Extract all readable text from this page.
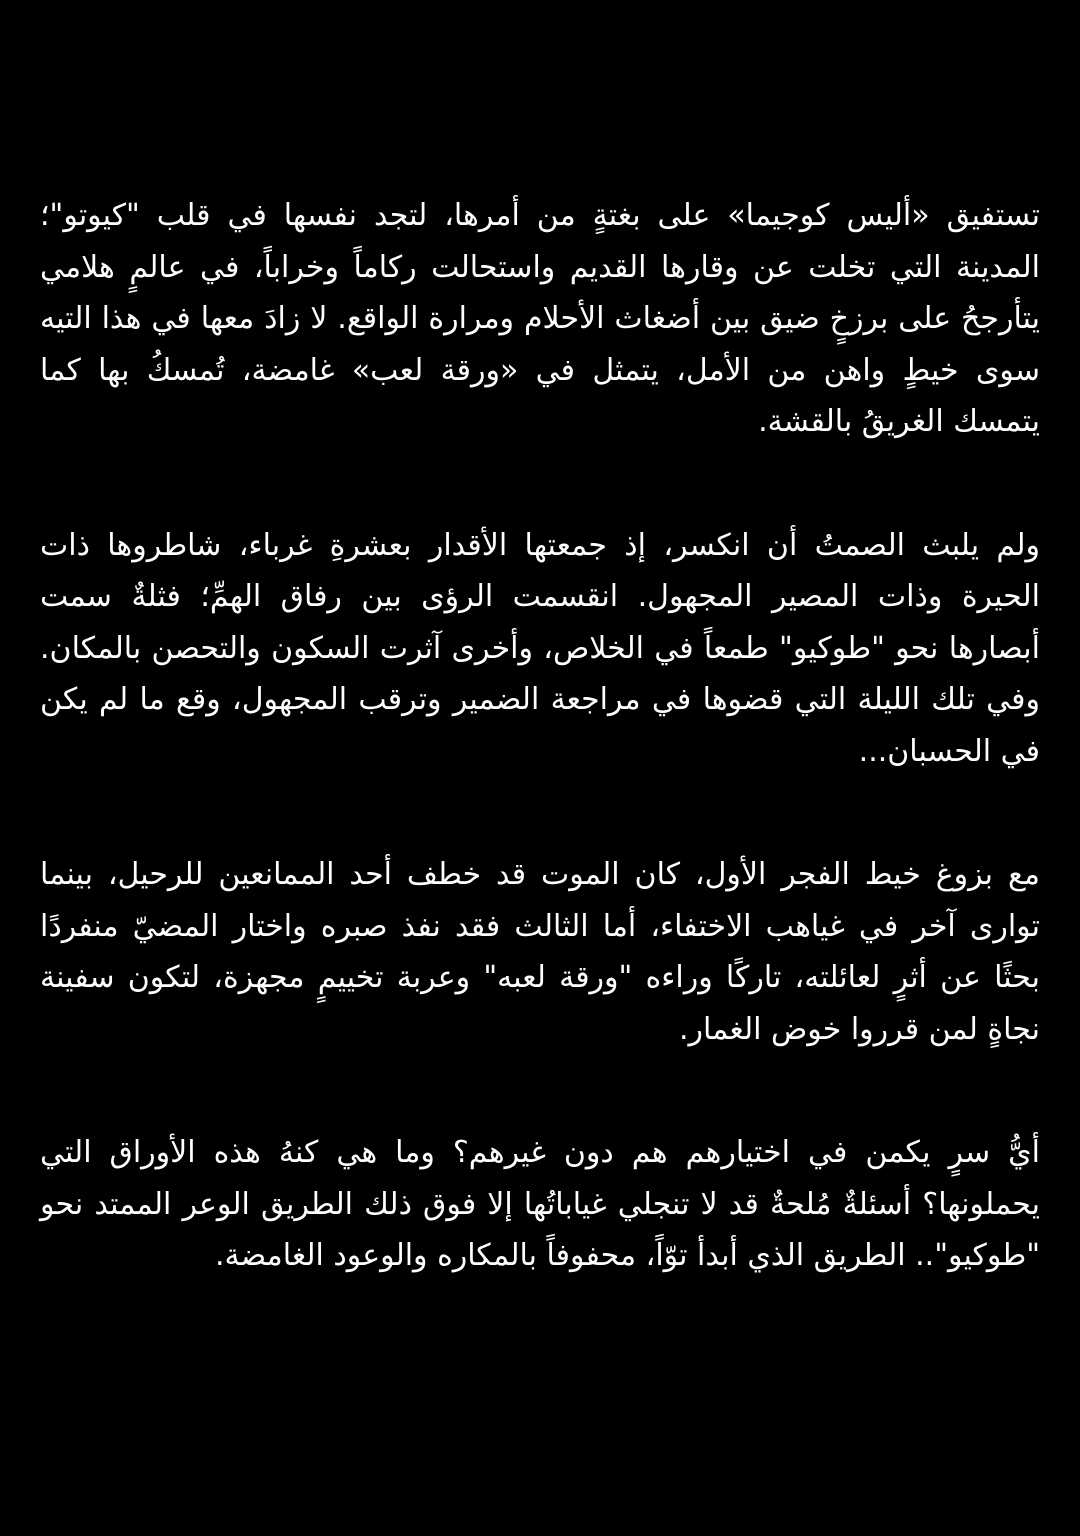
تستفيق «أليس كوجيما» على بغتةٍ من أمرها، لتجد نفسها في قلب "كيوتو"؛ المدينة التي تخلت عن وقارها القديم واستحالت ركاماً وخراباً، في عالمٍ هلامي يتأرجحُ على برزخٍ ضيق بين أضغاث الأحلام ومرارة الواقع. لا زادَ معها في هذا التيه سوى خيطٍ واهن من الأمل، يتمثل في «ورقة لعب» غامضة، تُمسكُ بها كما يتمسك الغريقُ بالقشة.

ولم يلبث الصمتُ أن انكسر، إذ جمعتها الأقدار بعشرةِ غرباء، شاطروها ذات الحيرة وذات المصير المجهول. انقسمت الرؤى بين رفاق الهمِّ؛ فثلةٌ سمت أبصارها نحو "طوكيو" طمعاً في الخلاص، وأخرى آثرت السكون والتحصن بالمكان. وفي تلك الليلة التي قضوها في مراجعة الضمير وترقب المجهول، وقع ما لم يكن في الحسبان...

مع بزوغ خيط الفجر الأول، كان الموت قد خطف أحد الممانعين للرحيل، بينما توارى آخر في غياهب الاختفاء، أما الثالث فقد نفذ صبره واختار المضيّ منفردًا بحثًا عن أثرٍ لعائلته، تاركًا وراءه "ورقة لعبه" وعربة تخييمٍ مجهزة، لتكون سفينة نجاةٍ لمن قرروا خوض الغمار.

أيُّ سرٍ يكمن في اختيارهم هم دون غيرهم؟ وما هي كنهُ هذه الأوراق التي يحملونها؟ أسئلةٌ مُلحةٌ قد لا تنجلي غياباتُها إلا فوق ذلك الطريق الوعر الممتد نحو "طوكيو".. الطريق الذي أبدأ توّاً، محفوفاً بالمكاره والوعود الغامضة.
